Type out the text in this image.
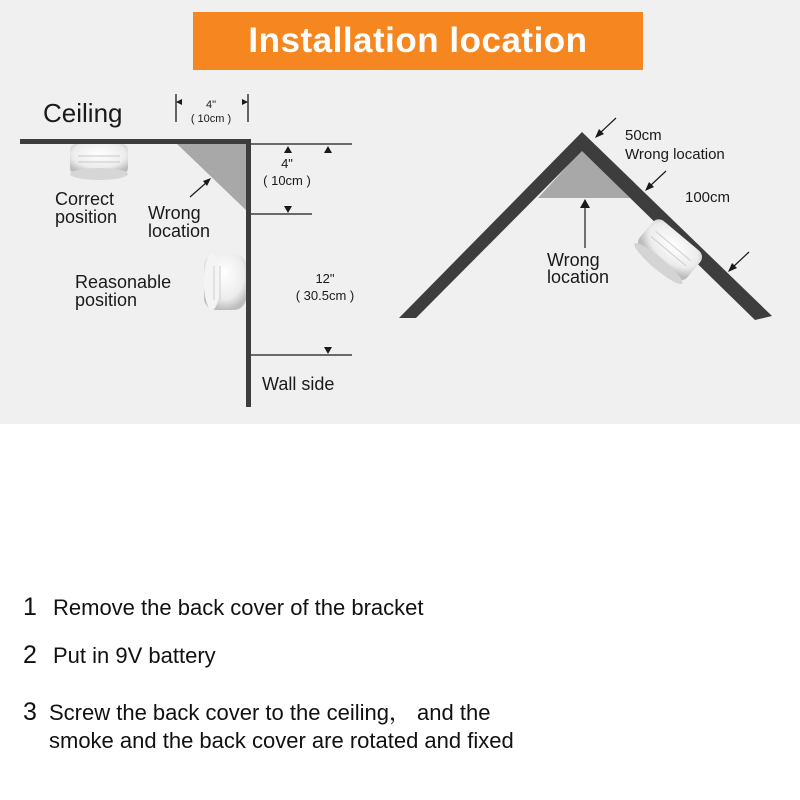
Installation location
4"
( 10cm )
4"
( 10cm )
12"
( 30.5cm )
Ceiling
Correct
position Wrong
location
Reasonable
position
Wall side
50cm
Wrong location
100cm
Wrong
location
1 Remove the back cover of the bracket
2 Put in 9V battery
3 Screw the back cover to the ceiling， and the
smoke and the back cover are rotated and fixed
